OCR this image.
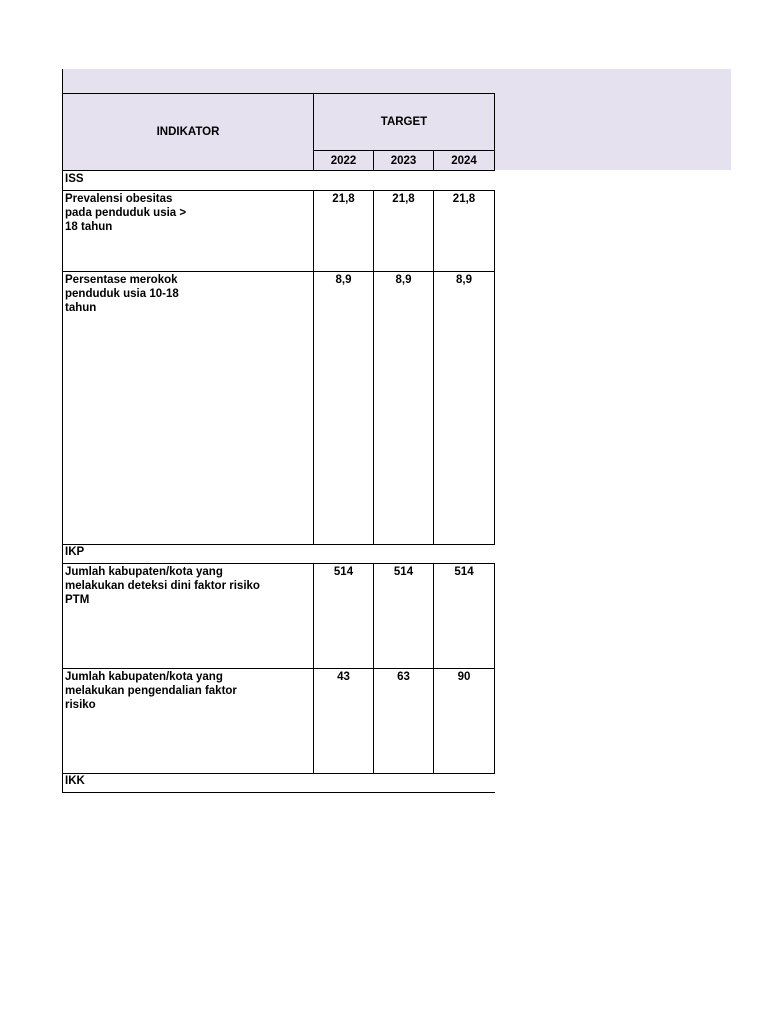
INDIKATOR
TARGET
2022	2023	2024
ISS
Prevalensi obesitas
pada penduduk usia >
18 tahun
21,8	21,8	21,8
Persentase merokok
penduduk usia 10-18
tahun
8,9	8,9	8,9
IKP
Jumlah kabupaten/kota yang
melakukan deteksi dini faktor risiko
PTM
514	514	514
Jumlah kabupaten/kota yang
melakukan pengendalian faktor
risiko
43	63	90
IKK
